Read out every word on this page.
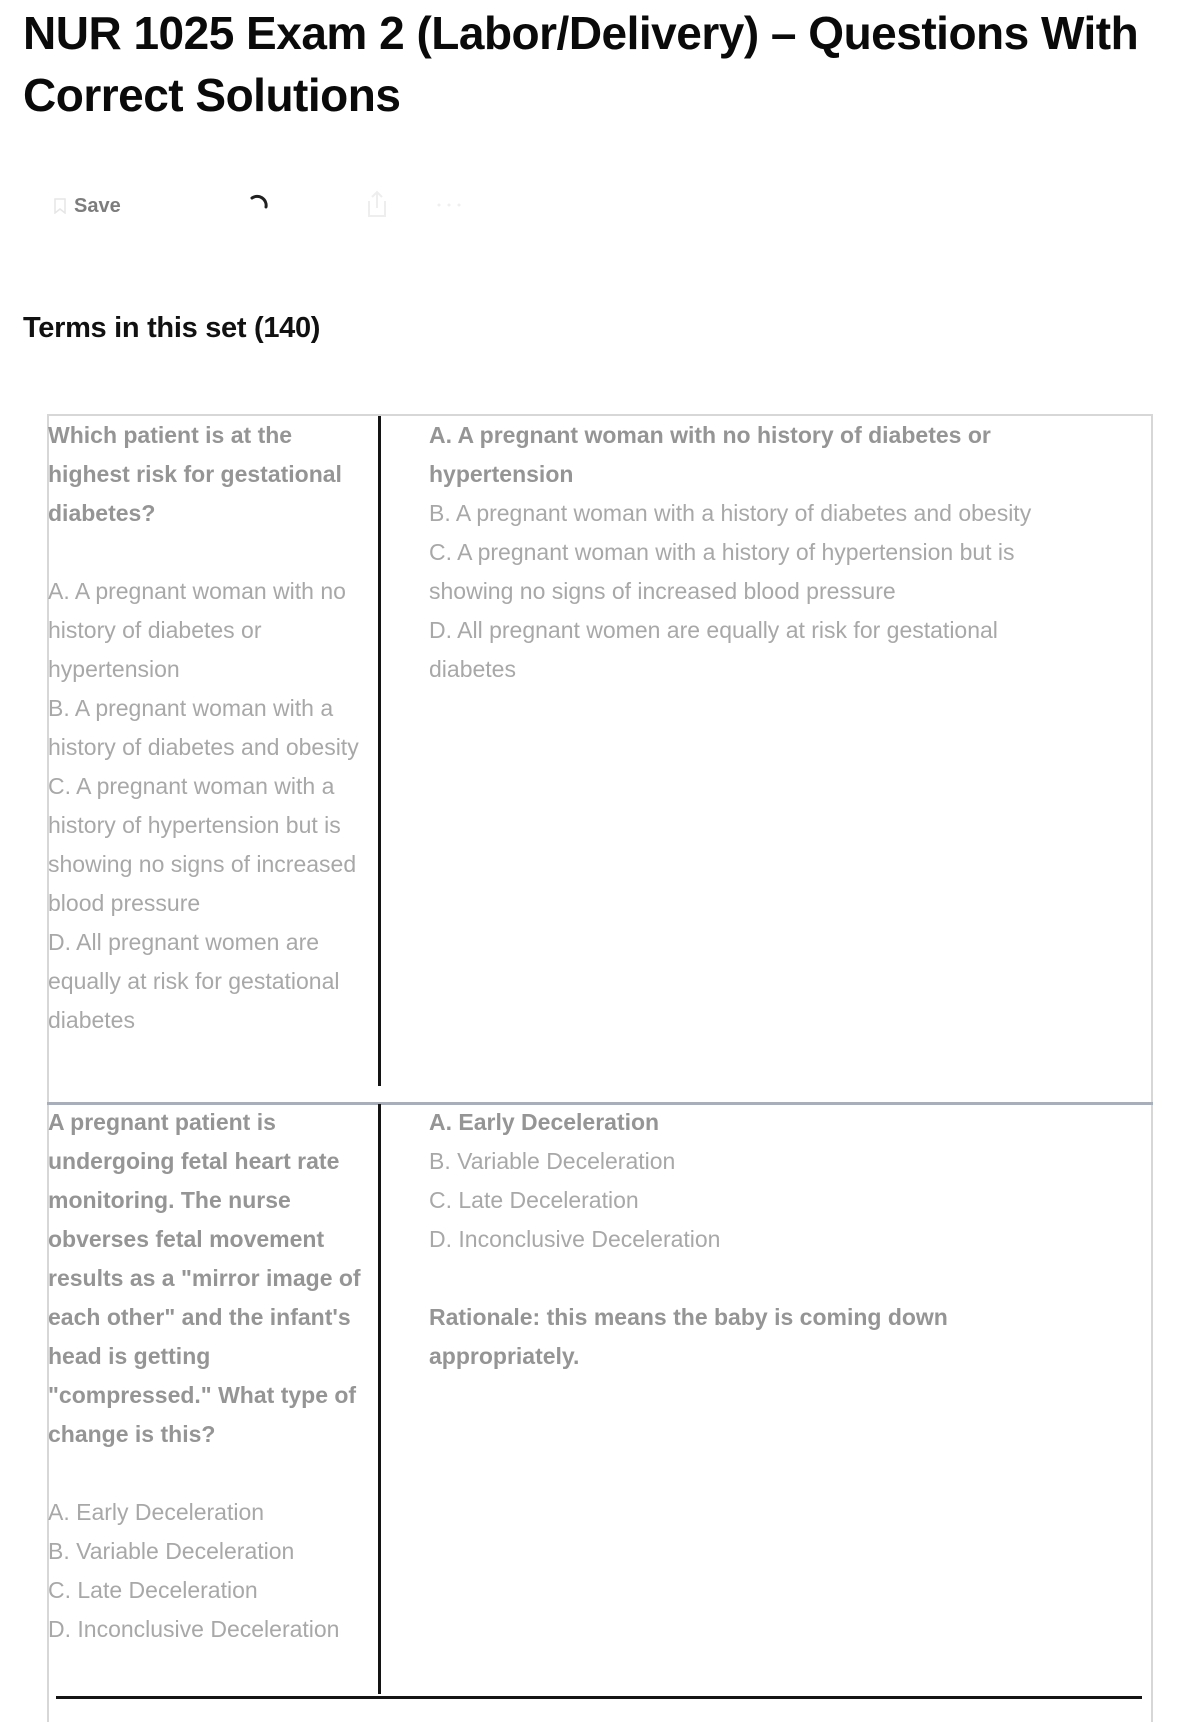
NUR 1025 Exam 2 (Labor/Delivery) – Questions With Correct Solutions
Save
Terms in this set (140)
Which patient is at the highest risk for gestational diabetes?
A. A pregnant woman with no history of diabetes or hypertension
B. A pregnant woman with a history of diabetes and obesity
C. A pregnant woman with a history of hypertension but is showing no signs of increased blood pressure
D. All pregnant women are equally at risk for gestational diabetes
A. A pregnant woman with no history of diabetes or hypertension
B. A pregnant woman with a history of diabetes and obesity
C. A pregnant woman with a history of hypertension but is showing no signs of increased blood pressure
D. All pregnant women are equally at risk for gestational diabetes
A pregnant patient is undergoing fetal heart rate monitoring. The nurse obverses fetal movement results as a "mirror image of each other" and the infant's head is getting "compressed." What type of change is this?
A. Early Deceleration
B. Variable Deceleration
C. Late Deceleration
D. Inconclusive Deceleration
A. Early Deceleration
B. Variable Deceleration
C. Late Deceleration
D. Inconclusive Deceleration
Rationale: this means the baby is coming down appropriately.
